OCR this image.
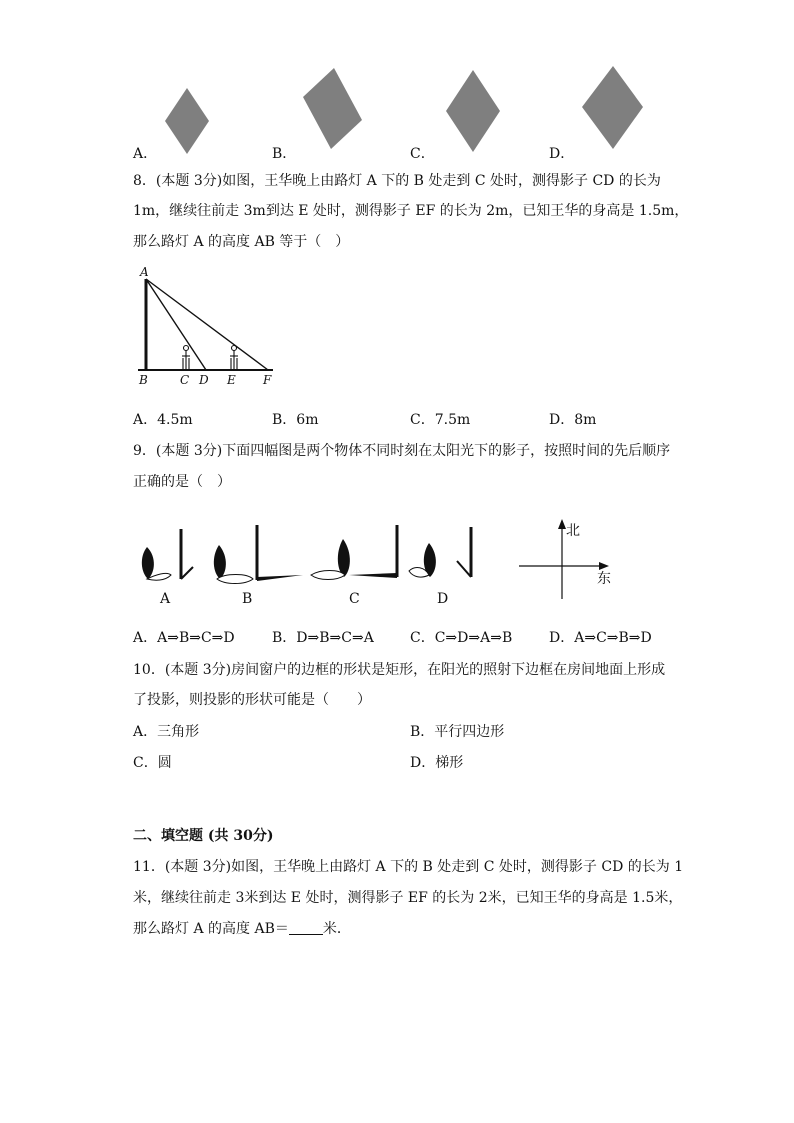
A．	B．	C．	D．
8．(本题 3分)如图，王华晚上由路灯 A 下的 B 处走到 C 处时，测得影子 CD 的长为
1m，继续往前走 3m到达 E 处时，测得影子 EF 的长为 2m，已知王华的身高是 1.5m，
那么路灯 A 的高度 AB 等于（　）
A
B	C D E F
A．4.5m	B．6m	C．7.5m	D．8m
9．(本题 3分)下面四幅图是两个物体不同时刻在太阳光下的影子，按照时间的先后顺序
正确的是（　）
A	B	C	D
北
东
A．A⇒B⇒C⇒D	B．D⇒B⇒C⇒A	C．C⇒D⇒A⇒B	D．A⇒C⇒B⇒D
10．(本题 3分)房间窗户的边框的形状是矩形，在阳光的照射下边框在房间地面上形成
了投影，则投影的形状可能是（　　）
A．三角形	B．平行四边形
C．圆	D．梯形
二、填空题 (共 30分)
11．(本题 3分)如图，王华晚上由路灯 A 下的 B 处走到 C 处时，测得影子 CD 的长为 1
米，继续往前走 3米到达 E 处时，测得影子 EF 的长为 2米，已知王华的身高是 1.5米，
那么路灯 A 的高度 AB＝ 米．
